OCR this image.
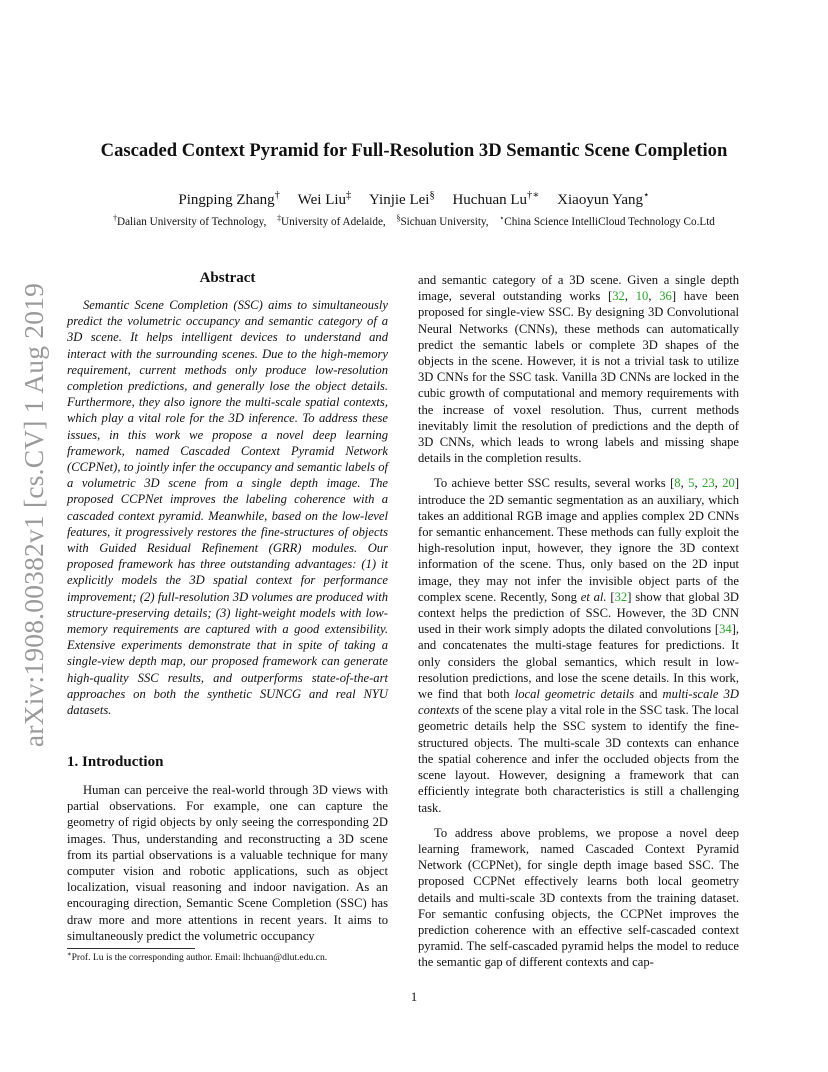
arXiv:1908.00382v1 [cs.CV] 1 Aug 2019
Cascaded Context Pyramid for Full-Resolution 3D Semantic Scene Completion
Pingping Zhang† Wei Liu‡ Yinjie Lei§ Huchuan Lu†∗ Xiaoyun Yang⋆
†Dalian University of Technology, ‡University of Adelaide, §Sichuan University, ⋆China Science IntelliCloud Technology Co.Ltd
Abstract

Semantic Scene Completion (SSC) aims to simultaneously predict the volumetric occupancy and semantic category of a 3D scene. It helps intelligent devices to understand and interact with the surrounding scenes. Due to the high-memory requirement, current methods only produce low-resolution completion predictions, and generally lose the object details. Furthermore, they also ignore the multi-scale spatial contexts, which play a vital role for the 3D inference. To address these issues, in this work we propose a novel deep learning framework, named Cascaded Context Pyramid Network (CCPNet), to jointly infer the occupancy and semantic labels of a volumetric 3D scene from a single depth image. The proposed CCPNet improves the labeling coherence with a cascaded context pyramid. Meanwhile, based on the low-level features, it progressively restores the fine-structures of objects with Guided Residual Refinement (GRR) modules. Our proposed framework has three outstanding advantages: (1) it explicitly models the 3D spatial context for performance improvement; (2) full-resolution 3D volumes are produced with structure-preserving details; (3) light-weight models with low-memory requirements are captured with a good extensibility. Extensive experiments demonstrate that in spite of taking a single-view depth map, our proposed framework can generate high-quality SSC results, and outperforms state-of-the-art approaches on both the synthetic SUNCG and real NYU datasets.

1. Introduction

Human can perceive the real-world through 3D views with partial observations. For example, one can capture the geometry of rigid objects by only seeing the corresponding 2D images. Thus, understanding and reconstructing a 3D scene from its partial observations is a valuable technique for many computer vision and robotic applications, such as object localization, visual reasoning and indoor navigation. As an encouraging direction, Semantic Scene Completion (SSC) has draw more and more attentions in recent years. It aims to simultaneously predict the volumetric occupancy

and semantic category of a 3D scene. Given a single depth image, several outstanding works [32, 10, 36] have been proposed for single-view SSC. By designing 3D Convolutional Neural Networks (CNNs), these methods can automatically predict the semantic labels or complete 3D shapes of the objects in the scene. However, it is not a trivial task to utilize 3D CNNs for the SSC task. Vanilla 3D CNNs are locked in the cubic growth of computational and memory requirements with the increase of voxel resolution. Thus, current methods inevitably limit the resolution of predictions and the depth of 3D CNNs, which leads to wrong labels and missing shape details in the completion results.

To achieve better SSC results, several works [8, 5, 23, 20] introduce the 2D semantic segmentation as an auxiliary, which takes an additional RGB image and applies complex 2D CNNs for semantic enhancement. These methods can fully exploit the high-resolution input, however, they ignore the 3D context information of the scene. Thus, only based on the 2D input image, they may not infer the invisible object parts of the complex scene. Recently, Song et al. [32] show that global 3D context helps the prediction of SSC. However, the 3D CNN used in their work simply adopts the dilated convolutions [34], and concatenates the multi-stage features for predictions. It only considers the global semantics, which result in low-resolution predictions, and lose the scene details. In this work, we find that both local geometric details and multi-scale 3D contexts of the scene play a vital role in the SSC task. The local geometric details help the SSC system to identify the fine-structured objects. The multi-scale 3D contexts can enhance the spatial coherence and infer the occluded objects from the scene layout. However, designing a framework that can efficiently integrate both characteristics is still a challenging task.

To address above problems, we propose a novel deep learning framework, named Cascaded Context Pyramid Network (CCPNet), for single depth image based SSC. The proposed CCPNet effectively learns both local geometry details and multi-scale 3D contexts from the training dataset. For semantic confusing objects, the CCPNet improves the prediction coherence with an effective self-cascaded context pyramid. The self-cascaded pyramid helps the model to reduce the semantic gap of different contexts and cap-

∗Prof. Lu is the corresponding author. Email: lhchuan@dlut.edu.cn.
1
